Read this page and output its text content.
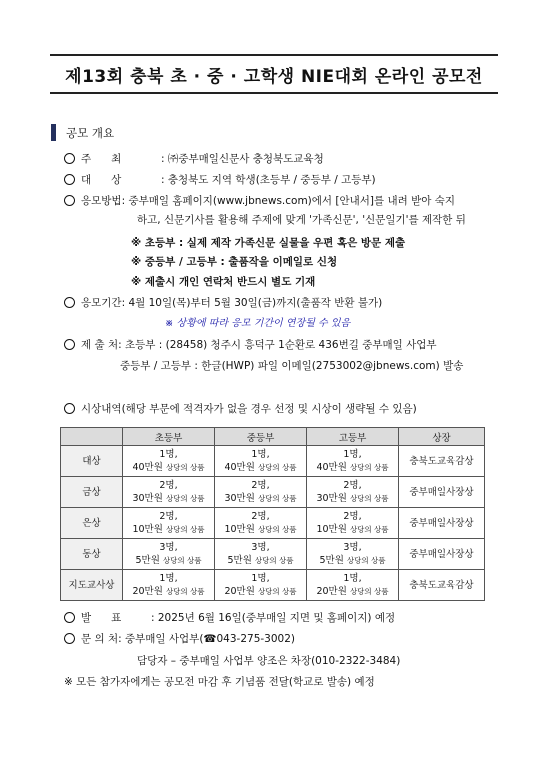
제13회 충북 초 · 중 · 고학생 NIE대회 온라인 공모전
공모 개요
주      최	: ㈜중부매일신문사 충청북도교육청
대      상	: 충청북도 지역 학생(초등부 / 중등부 / 고등부)
응모방법: 중부매일 홈페이지(www.jbnews.com)에서 [안내서]를 내려 받아 숙지
하고, 신문기사를 활용해 주제에 맞게 '가족신문', '신문일기'를 제작한 뒤
※ 초등부 : 실제 제작 가족신문 실물을 우편 혹은 방문 제출
※ 중등부 / 고등부 : 출품작을 이메일로 신청
※ 제출시 개인 연락처 반드시 별도 기재
응모기간: 4월 10일(목)부터 5월 30일(금)까지(출품작 반환 불가)
※ 상황에 따라 응모 기간이 연장될 수 있음
제 출 처: 초등부 : (28458) 청주시 흥덕구 1순환로 436번길 중부매일 사업부
중등부 / 고등부 : 한글(HWP) 파일 이메일(2753002@jbnews.com) 발송
시상내역(해당 부문에 적격자가 없을 경우 선정 및 시상이 생략될 수 있음)
	초등부	중등부	고등부	상장
대상	1명,
40만원 상당의 상품	1명,
40만원 상당의 상품	1명,
40만원 상당의 상품	충북도교육감상
금상	2명,
30만원 상당의 상품	2명,
30만원 상당의 상품	2명,
30만원 상당의 상품	중부매일사장상
은상	2명,
10만원 상당의 상품	2명,
10만원 상당의 상품	2명,
10만원 상당의 상품	중부매일사장상
동상	3명,
5만원 상당의 상품	3명,
5만원 상당의 상품	3명,
5만원 상당의 상품	중부매일사장상
지도교사상	1명,
20만원 상당의 상품	1명,
20만원 상당의 상품	1명,
20만원 상당의 상품	충북도교육감상
발      표	: 2025년 6월 16일(중부매일 지면 및 홈페이지) 예정
문 의 처: 중부매일 사업부(☎043-275-3002)
담당자 – 중부매일 사업부 양조은 차장(010-2322-3484)
※ 모든 참가자에게는 공모전 마감 후 기념품 전달(학교로 발송) 예정
